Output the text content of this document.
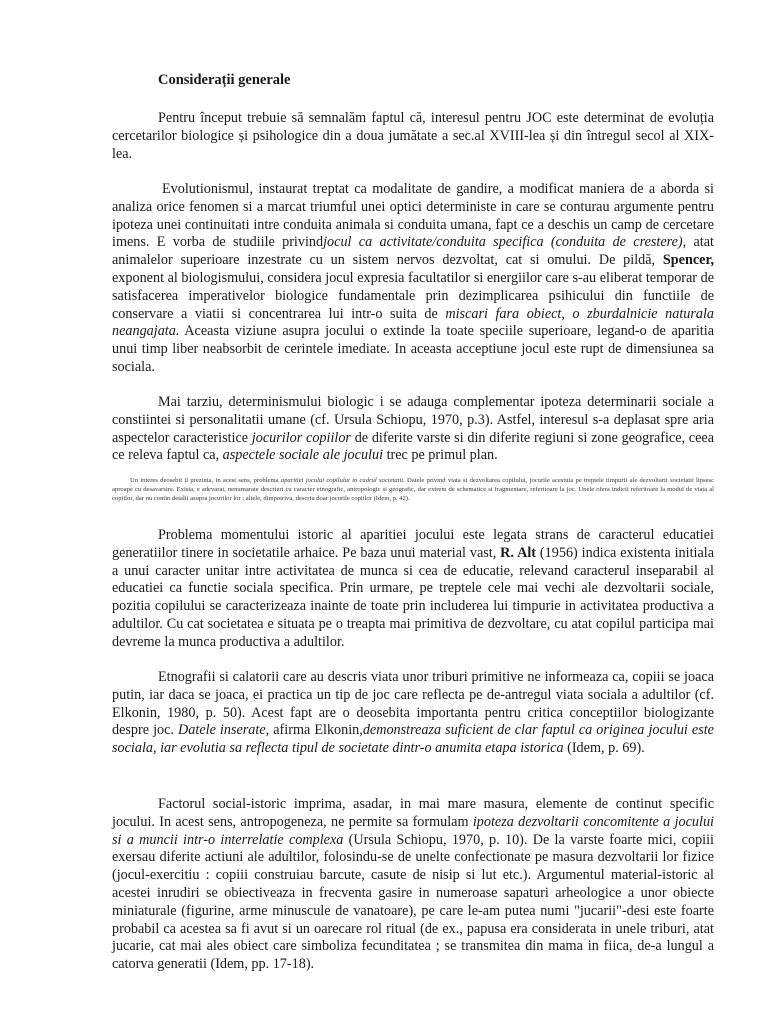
Considerații generale

Pentru început trebuie să semnalăm faptul că, interesul pentru JOC este determinat de evoluția cercetarilor biologice și psihologice din a doua jumătate a sec.al XVIII-lea și din întregul secol al XIX-lea.

Evolutionismul, instaurat treptat ca modalitate de gandire, a modificat maniera de a aborda si analiza orice fenomen si a marcat triumful unei optici deterministe in care se conturau argumente pentru ipoteza unei continuitati intre conduita animala si conduita umana, fapt ce a deschis un camp de cercetare imens. E vorba de studiile privindjocul ca activitate/conduita specifica (conduita de crestere), atat animalelor superioare inzestrate cu un sistem nervos dezvoltat, cat si omului. De pildă, Spencer, exponent al biologismului, considera jocul expresia facultatilor si energiilor care s-au eliberat temporar de satisfacerea imperativelor biologice fundamentale prin dezimplicarea psihicului din functiile de conservare a viatii si concentrarea lui intr-o suita de miscari fara obiect, o zburdalnicie naturala neangajata. Aceasta viziune asupra jocului o extinde la toate speciile superioare, legand-o de aparitia unui timp liber neabsorbit de cerintele imediate. In aceasta acceptiune jocul este rupt de dimensiunea sa sociala.

Mai tarziu, determinismului biologic i se adauga complementar ipoteza determinarii sociale a constiintei si personalitatii umane (cf. Ursula Schiopu, 1970, p.3). Astfel, interesul s-a deplasat spre aria aspectelor caracteristice jocurilor copiilor de diferite varste si din diferite regiuni si zone geografice, ceea ce releva faptul ca, aspectele sociale ale jocului trec pe primul plan.

Un interes deosebit il prezinta, in acest sens, problema aparitiei jocului copilului in cadrul societatii. Datele privind viata si dezvoltarea copilului, jocurile acestuia pe treptele timpurii ale dezvoltarii societatii lipsesc aproape cu desavarsire. Exista, e adevarat, nenumarate descrieri cu caracter etnografic, antropologic si geografic, dar extrem de schematice si fragmentare, referitoare la joc. Unele ofera indicii referitoare la modul de viata al copiilor, dar nu contin detalii asupra jocurilor lor ; altele, dimpotriva, descriu doar jocurile copiilor (Idem, p. 42).

Problema momentului istoric al aparitiei jocului este legata strans de caracterul educatiei generatiilor tinere in societatile arhaice. Pe baza unui material vast, R. Alt (1956) indica existenta initiala a unui caracter unitar intre activitatea de munca si cea de educatie, relevand caracterul inseparabil al educatiei ca functie sociala specifica. Prin urmare, pe treptele cele mai vechi ale dezvoltarii sociale, pozitia copilului se caracterizeaza inainte de toate prin includerea lui timpurie in activitatea productiva a adultilor. Cu cat societatea e situata pe o treapta mai primitiva de dezvoltare, cu atat copilul participa mai devreme la munca productiva a adultilor.

Etnografii si calatorii care au descris viata unor triburi primitive ne informeaza ca, copiii se joaca putin, iar daca se joaca, ei practica un tip de joc care reflecta pe de-antregul viata sociala a adultilor (cf. Elkonin, 1980, p. 50). Acest fapt are o deosebita importanta pentru critica conceptiilor biologizante despre joc. Datele inserate, afirma Elkonin,demonstreaza suficient de clar faptul ca originea jocului este sociala, iar evolutia sa reflecta tipul de societate dintr-o anumita etapa istorica (Idem, p. 69).

Factorul social-istoric imprima, asadar, in mai mare masura, elemente de continut specific jocului. In acest sens, antropogeneza, ne permite sa formulam ipoteza dezvoltarii concomitente a jocului si a muncii intr-o interrelatie complexa (Ursula Schiopu, 1970, p. 10). De la varste foarte mici, copiii exersau diferite actiuni ale adultilor, folosindu-se de unelte confectionate pe masura dezvoltarii lor fizice (jocul-exercitiu : copiii construiau barcute, casute de nisip si lut etc.). Argumentul material-istoric al acestei inrudiri se obiectiveaza in frecventa gasire in numeroase sapaturi arheologice a unor obiecte miniaturale (figurine, arme minuscule de vanatoare), pe care le-am putea numi "jucarii"-desi este foarte probabil ca acestea sa fi avut si un oarecare rol ritual (de ex., papusa era considerata in unele triburi, atat jucarie, cat mai ales obiect care simboliza fecunditatea ; se transmitea din mama in fiica, de-a lungul a catorva generatii (Idem, pp. 17-18).
